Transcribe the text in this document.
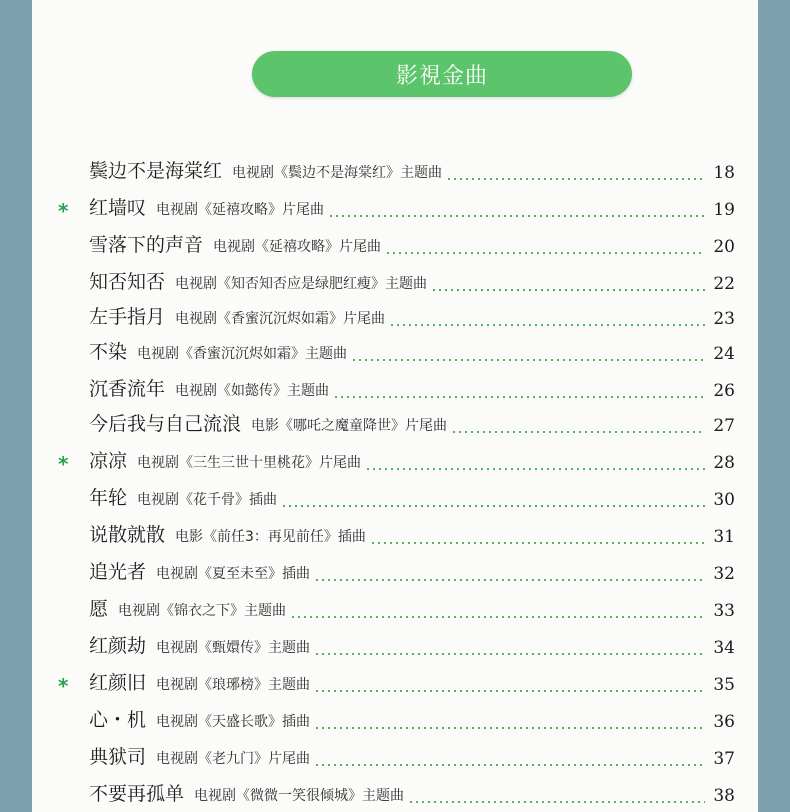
影視金曲
鬓边不是海棠红 电视剧《鬓边不是海棠红》主题曲	18
* 红墙叹 电视剧《延禧攻略》片尾曲	19
雪落下的声音 电视剧《延禧攻略》片尾曲	20
知否知否 电视剧《知否知否应是绿肥红瘦》主题曲	22
左手指月 电视剧《香蜜沉沉烬如霜》片尾曲	23
不染 电视剧《香蜜沉沉烬如霜》主题曲	24
沉香流年 电视剧《如懿传》主题曲	26
今后我与自己流浪 电影《哪吒之魔童降世》片尾曲	27
* 凉凉 电视剧《三生三世十里桃花》片尾曲	28
年轮 电视剧《花千骨》插曲	30
说散就散 电影《前任3：再见前任》插曲	31
追光者 电视剧《夏至未至》插曲	32
愿 电视剧《锦衣之下》主题曲	33
红颜劫 电视剧《甄嬛传》主题曲	34
* 红颜旧 电视剧《琅琊榜》主题曲	35
心・机 电视剧《天盛长歌》插曲	36
典狱司 电视剧《老九门》片尾曲	37
不要再孤单 电视剧《微微一笑很倾城》主题曲	38
